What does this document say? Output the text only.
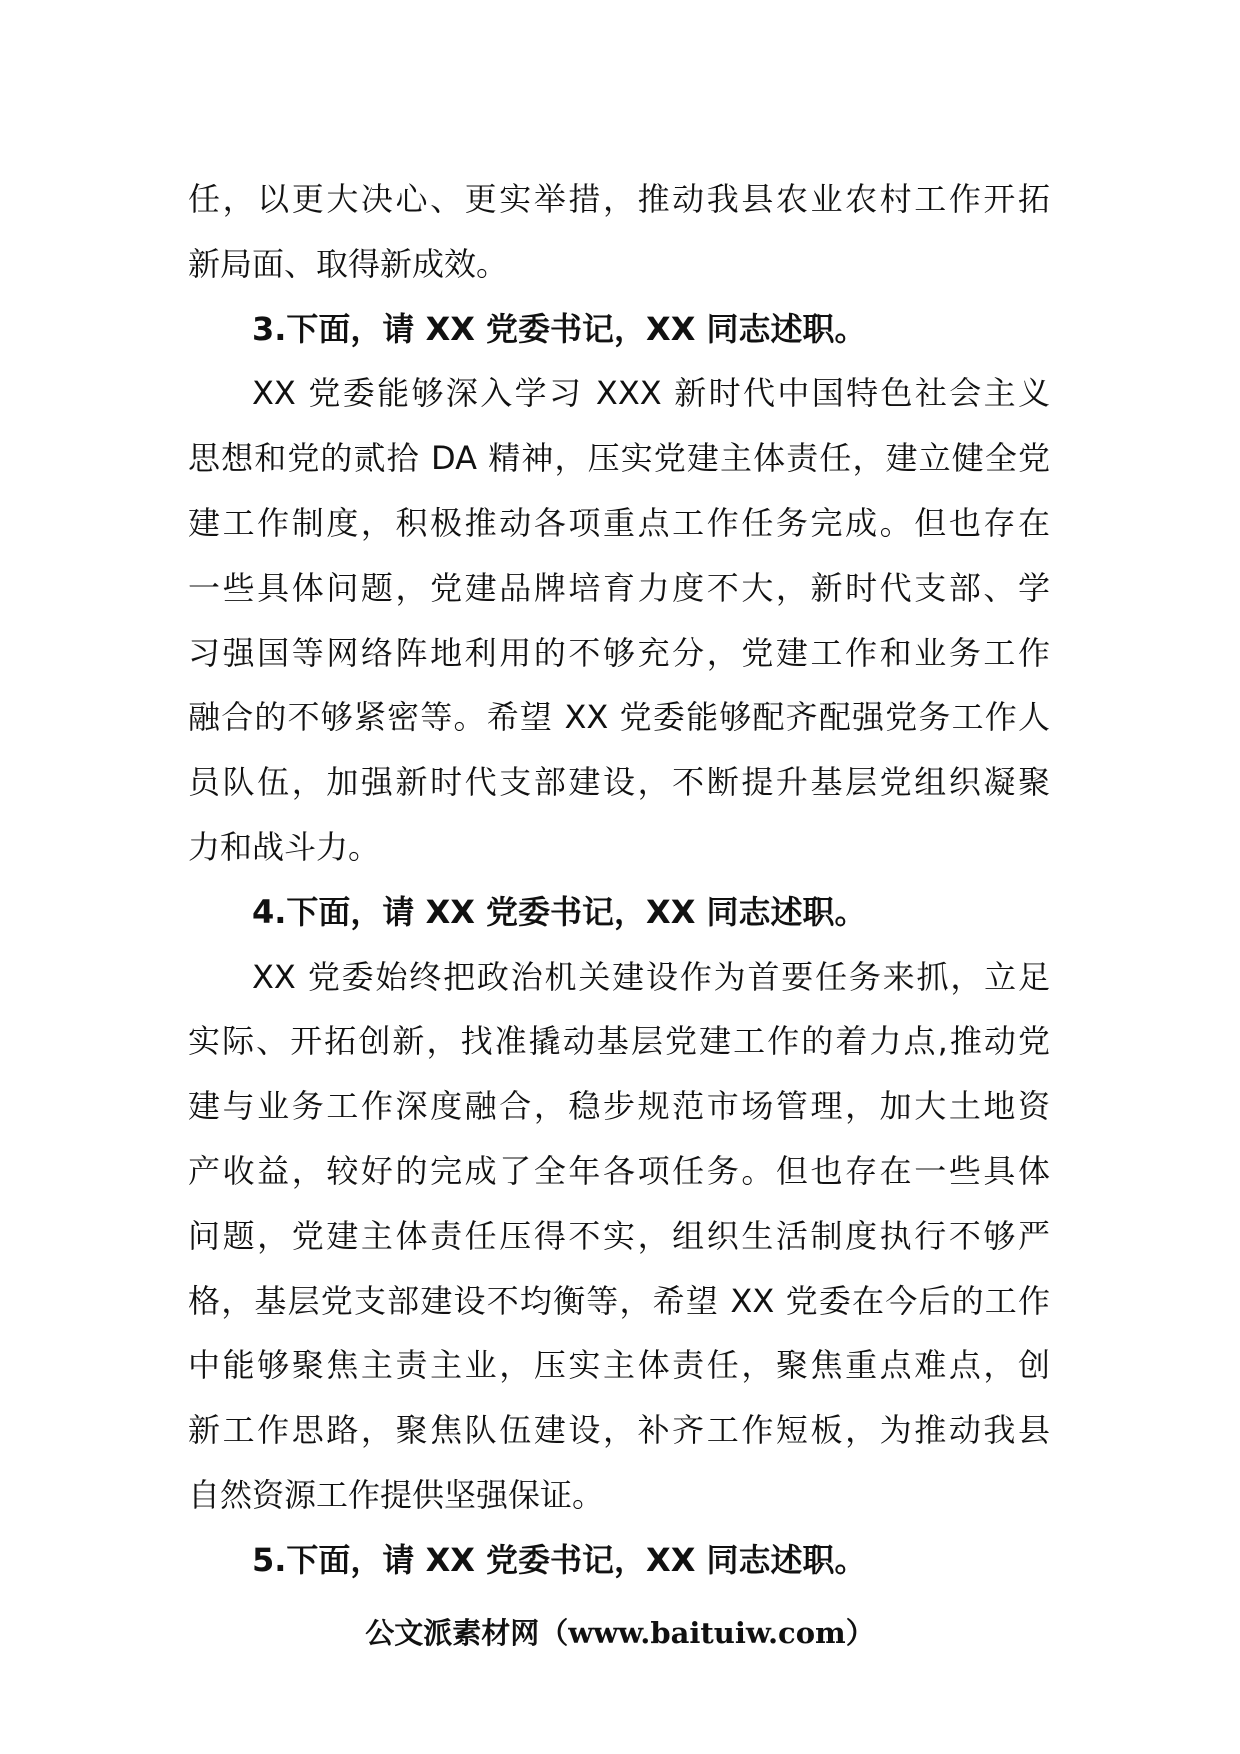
任，以更大决心、更实举措，推动我县农业农村工作开拓
新局面、取得新成效。
3.下面，请 XX 党委书记，XX 同志述职。
XX 党委能够深入学习 XXX 新时代中国特色社会主义
思想和党的贰拾 DA 精神，压实党建主体责任，建立健全党
建工作制度，积极推动各项重点工作任务完成。但也存在
一些具体问题，党建品牌培育力度不大，新时代支部、学
习强国等网络阵地利用的不够充分，党建工作和业务工作
融合的不够紧密等。希望 XX 党委能够配齐配强党务工作人
员队伍，加强新时代支部建设，不断提升基层党组织凝聚
力和战斗力。
4.下面，请 XX 党委书记，XX 同志述职。
XX 党委始终把政治机关建设作为首要任务来抓，立足
实际、开拓创新，找准撬动基层党建工作的着力点,推动党
建与业务工作深度融合，稳步规范市场管理，加大土地资
产收益，较好的完成了全年各项任务。但也存在一些具体
问题，党建主体责任压得不实，组织生活制度执行不够严
格，基层党支部建设不均衡等，希望 XX 党委在今后的工作
中能够聚焦主责主业，压实主体责任，聚焦重点难点，创
新工作思路，聚焦队伍建设，补齐工作短板，为推动我县
自然资源工作提供坚强保证。
5.下面，请 XX 党委书记，XX 同志述职。
公文派素材网（www.baituiw.com）
